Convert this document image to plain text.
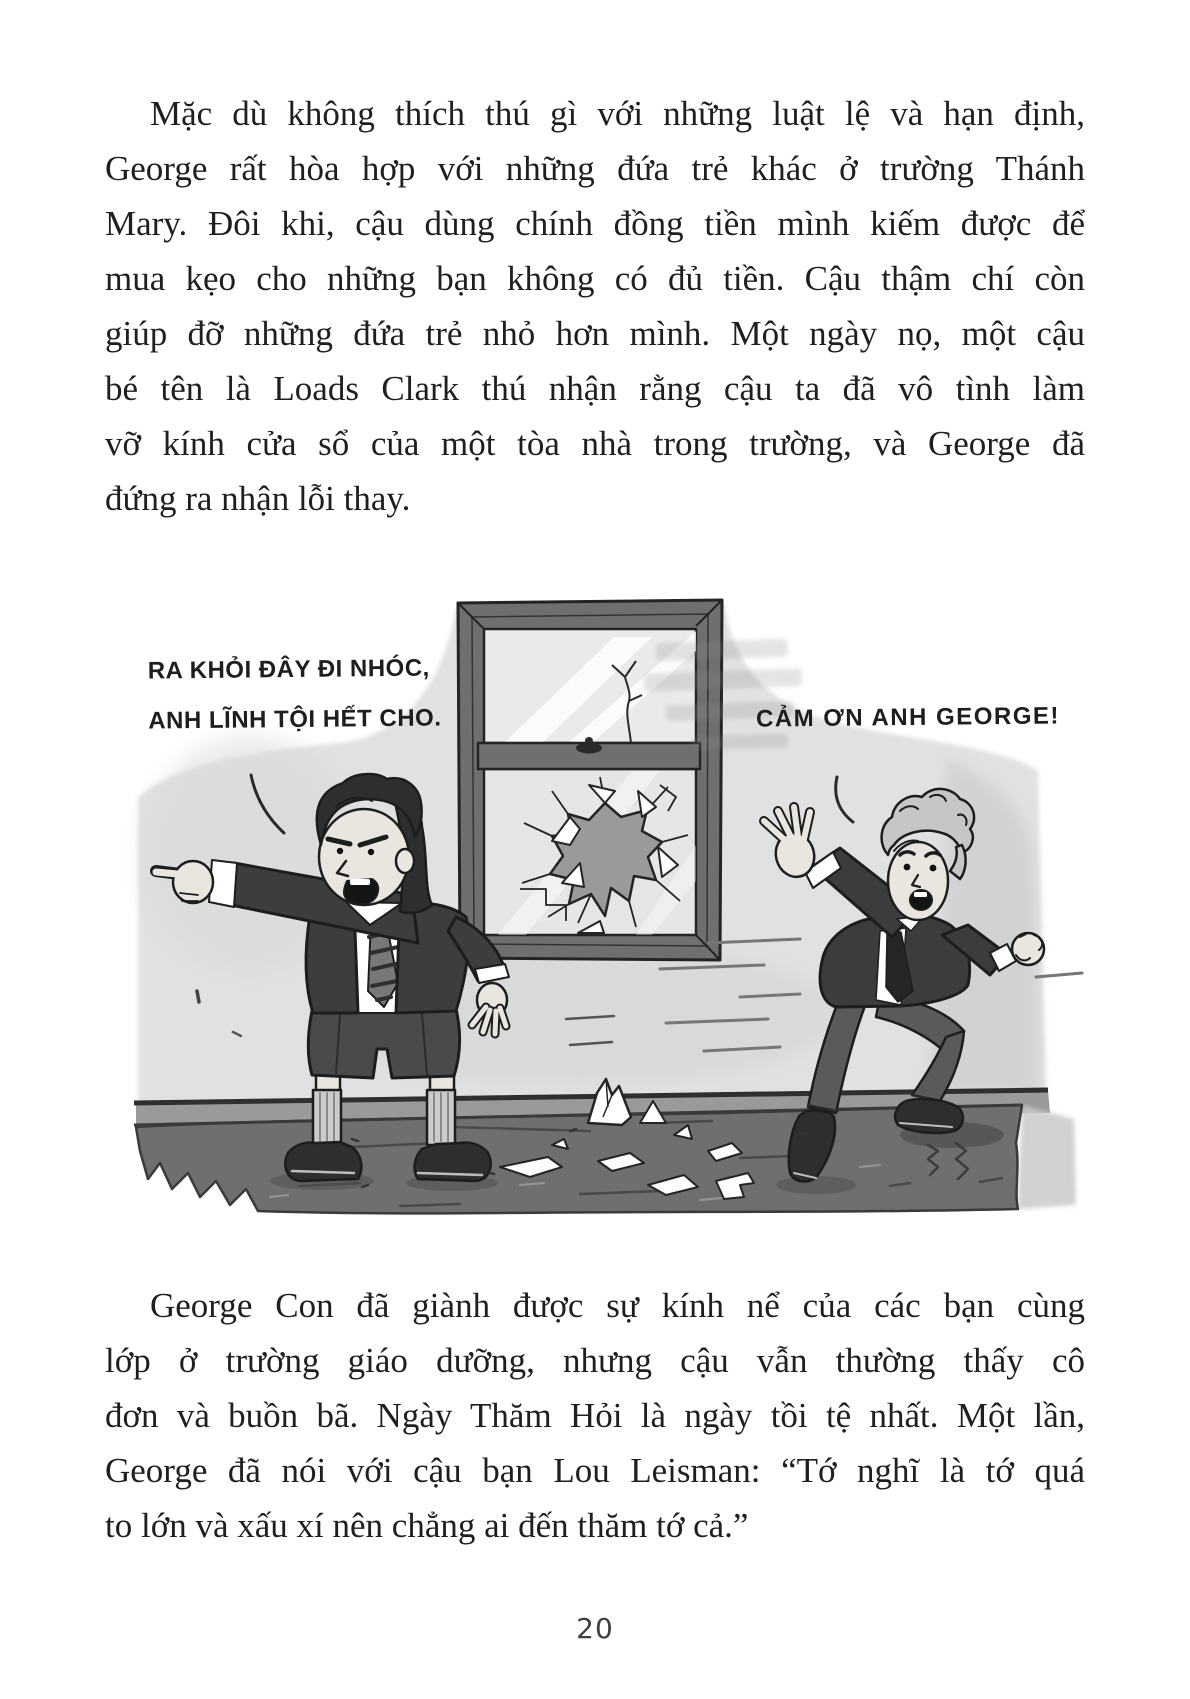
Mặc dù không thích thú gì với những luật lệ và hạn định,
George rất hòa hợp với những đứa trẻ khác ở trường Thánh
Mary. Đôi khi, cậu dùng chính đồng tiền mình kiếm được để
mua kẹo cho những bạn không có đủ tiền. Cậu thậm chí còn
giúp đỡ những đứa trẻ nhỏ hơn mình. Một ngày nọ, một cậu
bé tên là Loads Clark thú nhận rằng cậu ta đã vô tình làm
vỡ kính cửa sổ của một tòa nhà trong trường, và George đã
đứng ra nhận lỗi thay.
RA KHỎI ĐÂY ĐI NHÓC,
ANH LĨNH TỘI HẾT CHO.	CẢM ƠN ANH GEORGE!
George Con đã giành được sự kính nể của các bạn cùng
lớp ở trường giáo dưỡng, nhưng cậu vẫn thường thấy cô
đơn và buồn bã. Ngày Thăm Hỏi là ngày tồi tệ nhất. Một lần,
George đã nói với cậu bạn Lou Leisman: “Tớ nghĩ là tớ quá
to lớn và xấu xí nên chẳng ai đến thăm tớ cả.”
20
